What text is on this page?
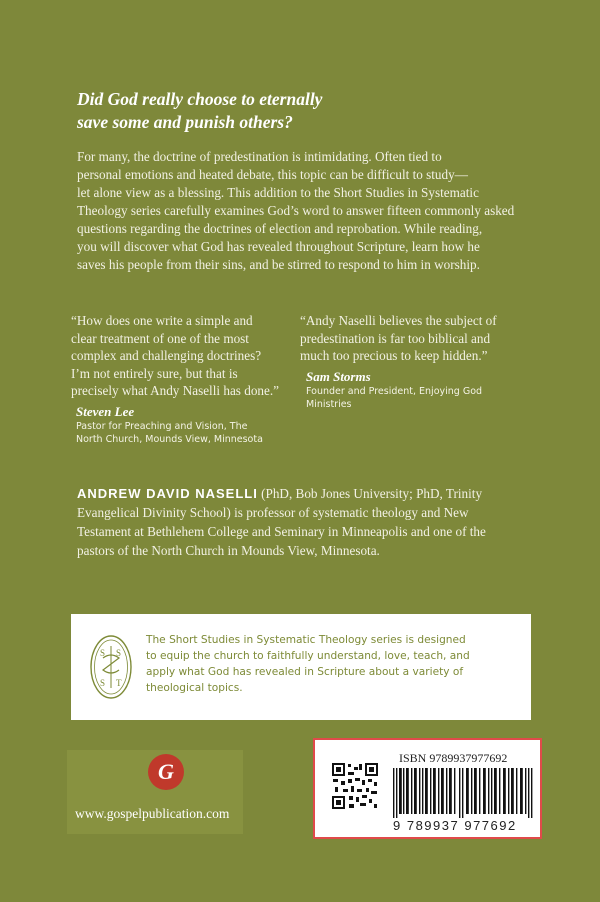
Did God really choose to eternally
save some and punish others?
For many, the doctrine of predestination is intimidating. Often tied to
personal emotions and heated debate, this topic can be difficult to study—
let alone view as a blessing. This addition to the Short Studies in Systematic
Theology series carefully examines God’s word to answer fifteen commonly asked
questions regarding the doctrines of election and reprobation. While reading,
you will discover what God has revealed throughout Scripture, learn how he
saves his people from their sins, and be stirred to respond to him in worship.
“How does one write a simple and
clear treatment of one of the most
complex and challenging doctrines?
I’m not entirely sure, but that is
precisely what Andy Naselli has done.”
Steven Lee
Pastor for Preaching and Vision, The
North Church, Mounds View, Minnesota
“Andy Naselli believes the subject of
predestination is far too biblical and
much too precious to keep hidden.”
Sam Storms
Founder and President, Enjoying God
Ministries
ANDREW DAVID NASELLI (PhD, Bob Jones University; PhD, Trinity
Evangelical Divinity School) is professor of systematic theology and New
Testament at Bethlehem College and Seminary in Minneapolis and one of the
pastors of the North Church in Mounds View, Minnesota.
S S
S T
The Short Studies in Systematic Theology series is designed
to equip the church to faithfully understand, love, teach, and
apply what God has revealed in Scripture about a variety of
theological topics.
G
www.gospelpublication.com
ISBN 9789937977692
9 789937 977692
